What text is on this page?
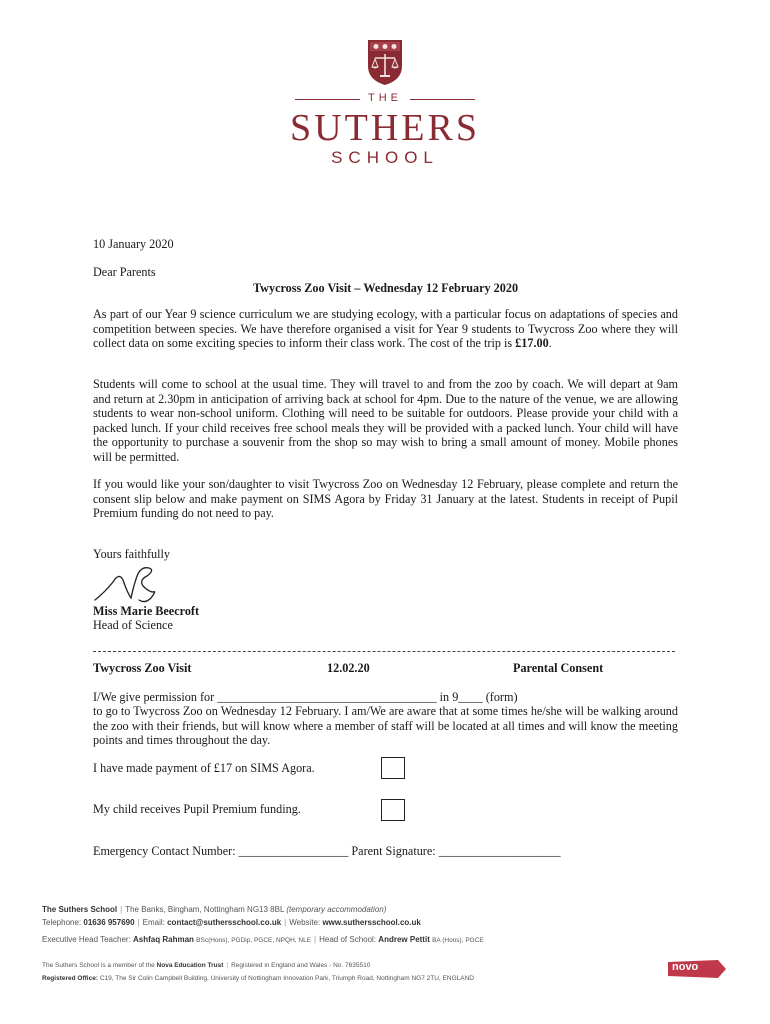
THE
SUTHERS
SCHOOL
10 January 2020
Dear Parents
Twycross Zoo Visit – Wednesday 12 February 2020
As part of our Year 9 science curriculum we are studying ecology, with a particular focus on adaptations of species and competition between species. We have therefore organised a visit for Year 9 students to Twycross Zoo where they will collect data on some exciting species to inform their class work. The cost of the trip is £17.00.
Students will come to school at the usual time. They will travel to and from the zoo by coach. We will depart at 9am and return at 2.30pm in anticipation of arriving back at school for 4pm. Due to the nature of the venue, we are allowing students to wear non-school uniform. Clothing will need to be suitable for outdoors. Please provide your child with a packed lunch. If your child receives free school meals they will be provided with a packed lunch. Your child will have the opportunity to purchase a souvenir from the shop so may wish to bring a small amount of money. Mobile phones will be permitted.
If you would like your son/daughter to visit Twycross Zoo on Wednesday 12 February, please complete and return the consent slip below and make payment on SIMS Agora by Friday 31 January at the latest. Students in receipt of Pupil Premium funding do not need to pay.
Yours faithfully
Miss Marie Beecroft
Head of Science
Twycross Zoo Visit	12.02.20	Parental Consent
I/We give permission for ____________________________________ in 9____ (form)
to go to Twycross Zoo on Wednesday 12 February. I am/We are aware that at some times he/she will be walking around the zoo with their friends, but will know where a member of staff will be located at all times and will know the meeting points and times throughout the day.
I have made payment of £17 on SIMS Agora.
My child receives Pupil Premium funding.
Emergency Contact Number: __________________ Parent Signature: ____________________
The Suthers School | The Banks, Bingham, Nottingham NG13 8BL (temporary accommodation)
Telephone: 01636 957690 | Email: contact@suthersschool.co.uk | Website: www.suthersschool.co.uk
Executive Head Teacher: Ashfaq Rahman BSc(Hons), PGDip, PGCE, NPQH, NLE | Head of School: Andrew Pettit BA (Hons), PGCE
The Suthers School is a member of the Nova Education Trust | Registered in England and Wales - No. 7635510
Registered Office: C19, The Sir Colin Campbell Building, University of Nottingham Innovation Park, Triumph Road, Nottingham NG7 2TU, ENGLAND
novo
